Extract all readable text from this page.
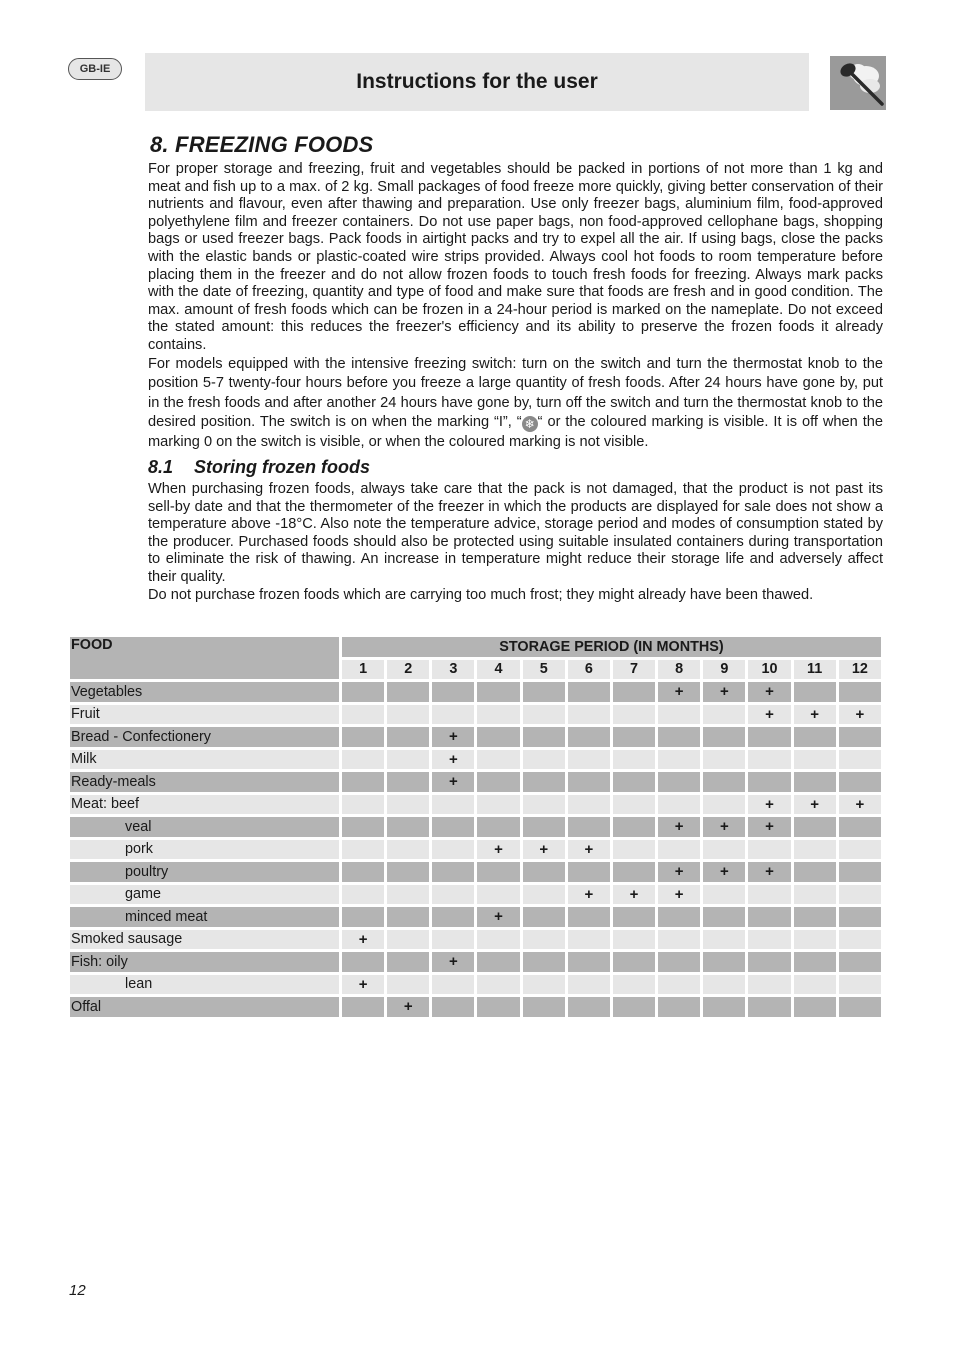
GB-IE
Instructions for the user
8. FREEZING FOODS

For proper storage and freezing, fruit and vegetables should be packed in portions of not more than 1 kg and meat and fish up to a max. of 2 kg. Small packages of food freeze more quickly, giving better conservation of their nutrients and flavour, even after thawing and preparation. Use only freezer bags, aluminium film, food-approved polyethylene film and freezer containers. Do not use paper bags, non food-approved cellophane bags, shopping bags or used freezer bags. Pack foods in airtight packs and try to expel all the air. If using bags, close the packs with the elastic bands or plastic-coated wire strips provided. Always cool hot foods to room temperature before placing them in the freezer and do not allow frozen foods to touch fresh foods for freezing. Always mark packs with the date of freezing, quantity and type of food and make sure that foods are fresh and in good condition. The max. amount of fresh foods which can be frozen in a 24-hour period is marked on the nameplate. Do not exceed the stated amount: this reduces the freezer's efficiency and its ability to preserve the frozen foods it already contains.

For models equipped with the intensive freezing switch: turn on the switch and turn the thermostat knob to the position 5-7 twenty-four hours before you freeze a large quantity of fresh foods. After 24 hours have gone by, put in the fresh foods and after another 24 hours have gone by, turn off the switch and turn the thermostat knob to the desired position. The switch is on when the marking “I”, “ ❄ “ or the coloured marking is visible. It is off when the marking 0 on the switch is visible, or when the coloured marking is not visible.

8.1 Storing frozen foods

When purchasing frozen foods, always take care that the pack is not damaged, that the product is not past its sell-by date and that the thermometer of the freezer in which the products are displayed for sale does not show a temperature above -18°C. Also note the temperature advice, storage period and modes of consumption stated by the producer. Purchased foods should also be protected using suitable insulated containers during transportation to eliminate the risk of thawing. An increase in temperature might reduce their storage life and adversely affect their quality.

Do not purchase frozen foods which are carrying too much frost; they might already have been thawed.

FOOD	STORAGE PERIOD (IN MONTHS)											
	1	2	3	4	5	6	7	8	9	10	11	12
Vegetables								+	+	+		
Fruit										+	+	+
Bread - Confectionery			+									
Milk			+									
Ready-meals			+									
Meat: beef										+	+	+
veal								+	+	+		
pork				+	+	+						
poultry								+	+	+		
game						+	+	+				
minced meat				+								
Smoked sausage	+											
Fish: oily			+									
lean	+											
Offal		+										
12
